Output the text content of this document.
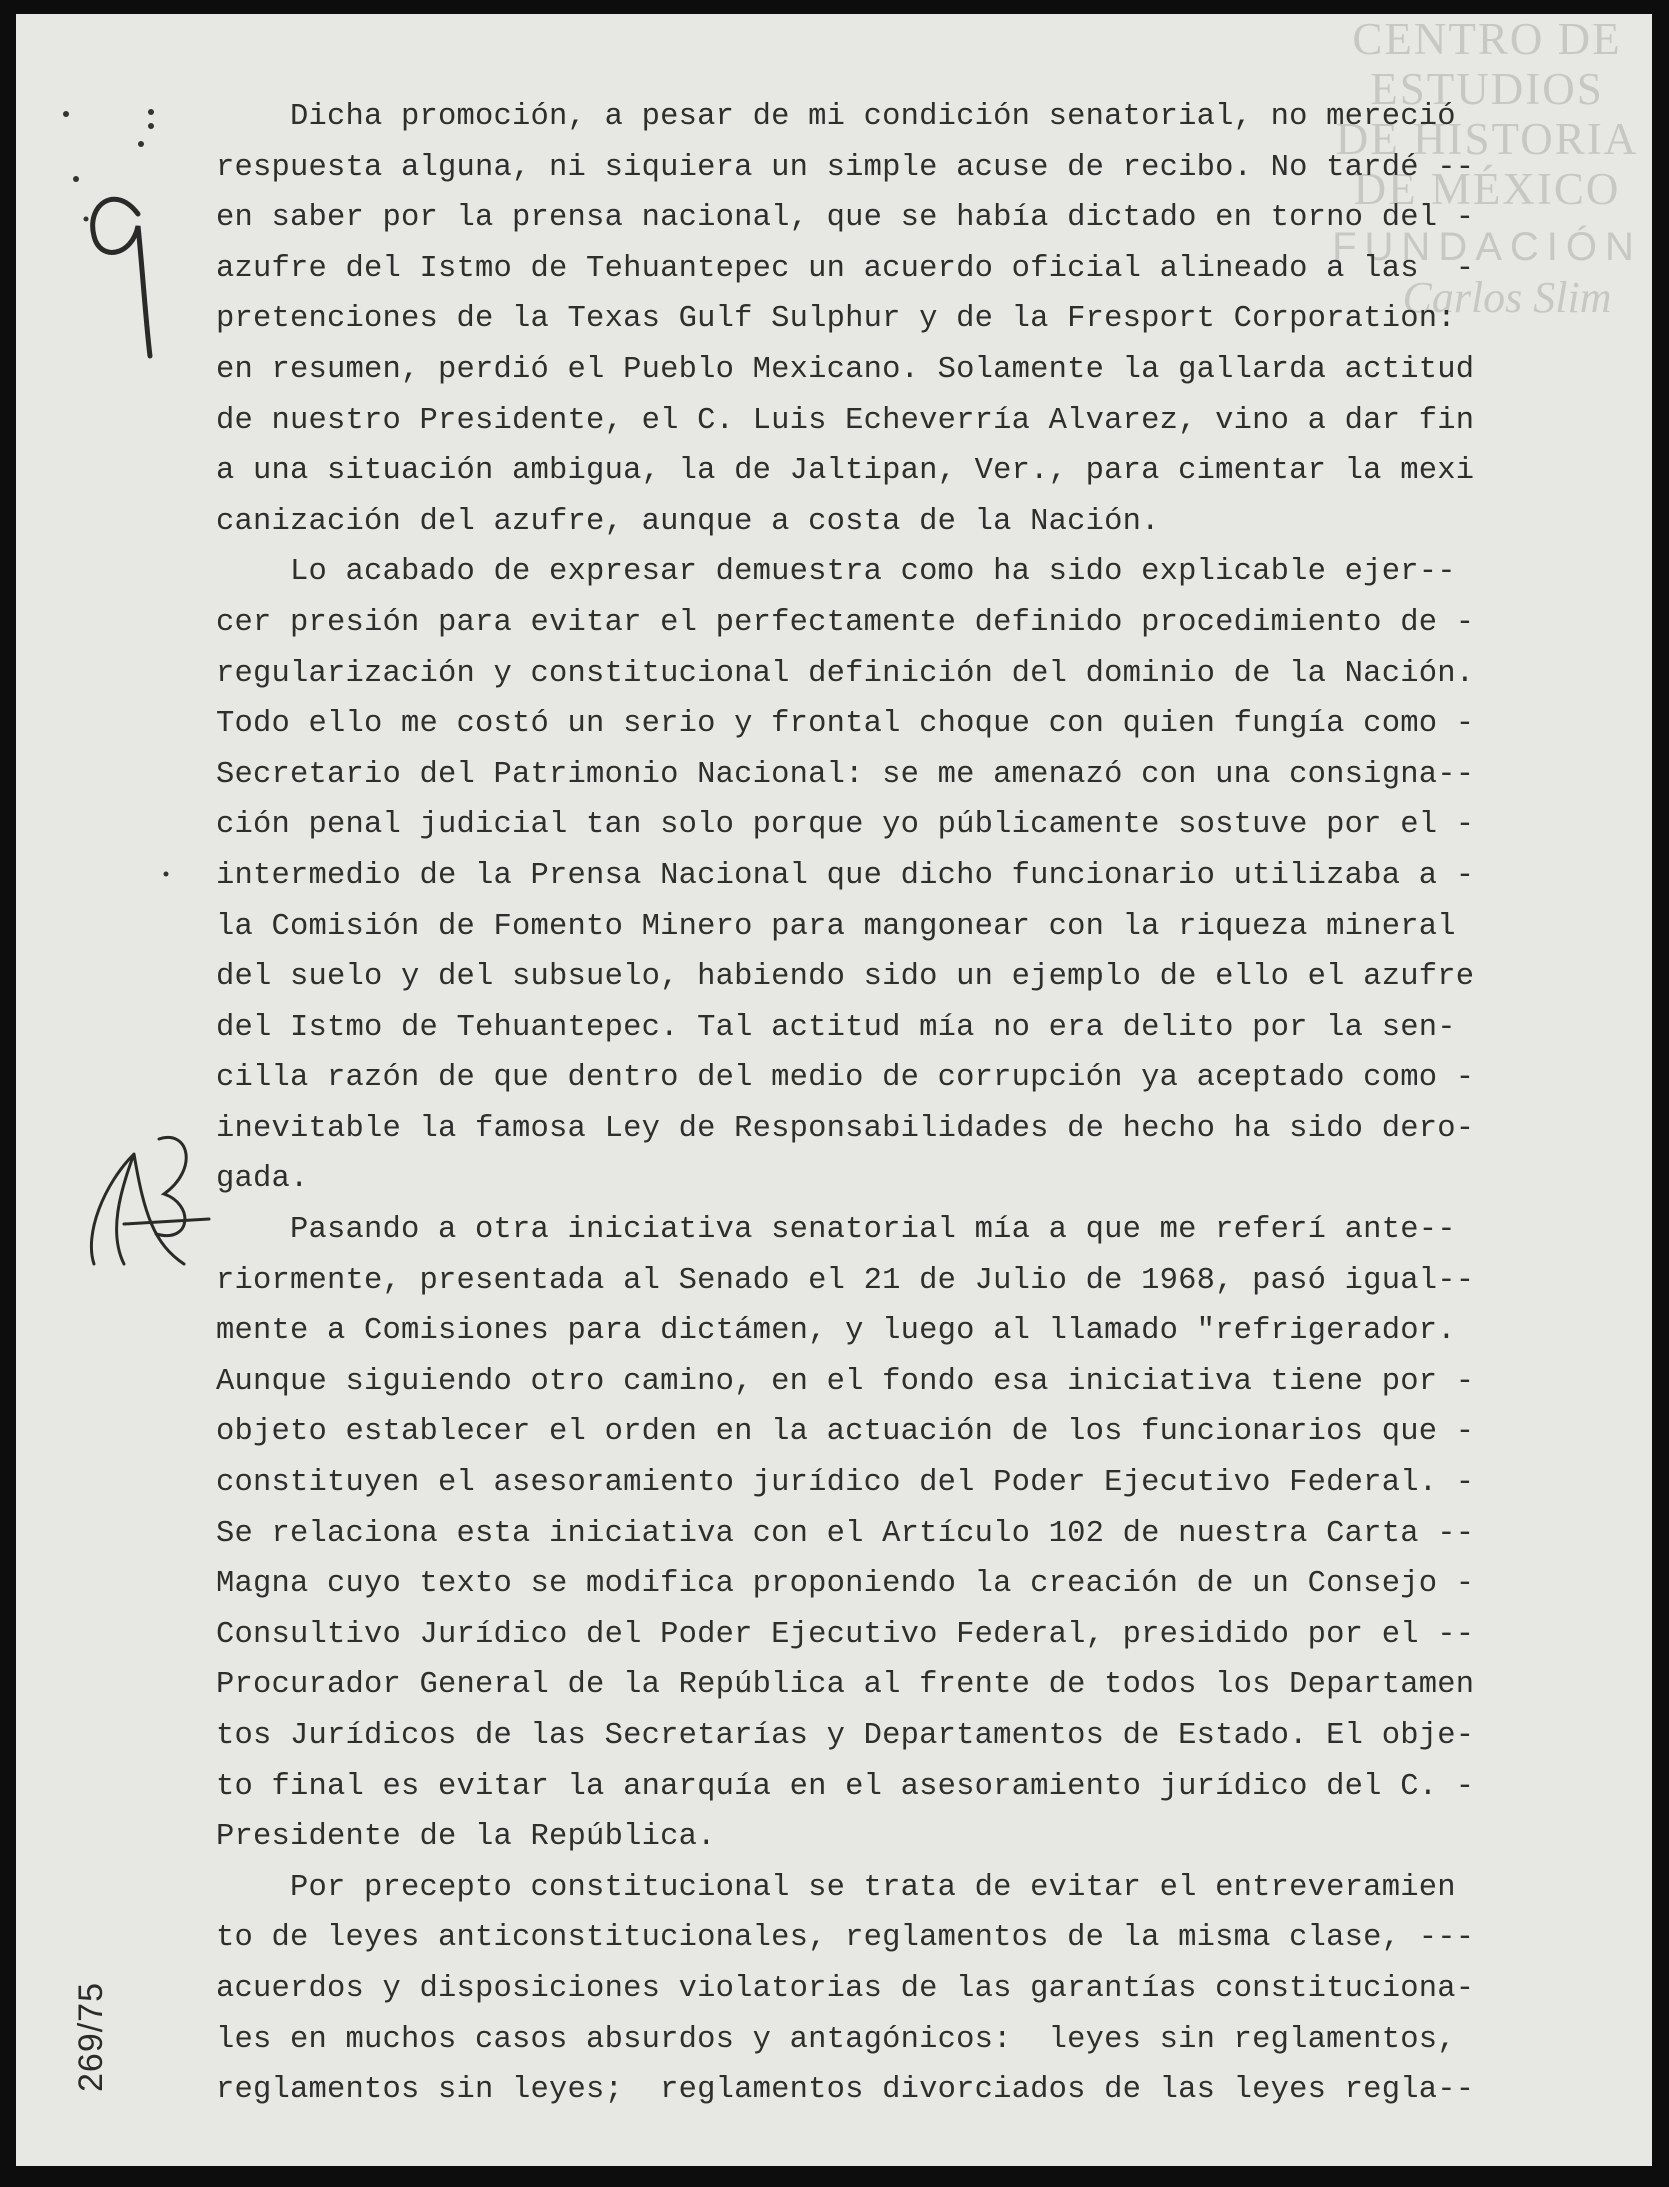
CENTRO DE
ESTUDIOS
DE HISTORIA
DE MÉXICO
FUNDACIÓN
Carlos Slim
Dicha promoción, a pesar de mi condición senatorial, no mereció
respuesta alguna, ni siquiera un simple acuse de recibo. No tardé --
en saber por la prensa nacional, que se había dictado en torno del -
azufre del Istmo de Tehuantepec un acuerdo oficial alineado a las  -
pretenciones de la Texas Gulf Sulphur y de la Fresport Corporation:
en resumen, perdió el Pueblo Mexicano. Solamente la gallarda actitud
de nuestro Presidente, el C. Luis Echeverría Alvarez, vino a dar fin
a una situación ambigua, la de Jaltipan, Ver., para cimentar la mexi
canización del azufre, aunque a costa de la Nación.
Lo acabado de expresar demuestra como ha sido explicable ejer--
cer presión para evitar el perfectamente definido procedimiento de -
regularización y constitucional definición del dominio de la Nación.
Todo ello me costó un serio y frontal choque con quien fungía como -
Secretario del Patrimonio Nacional: se me amenazó con una consigna--
ción penal judicial tan solo porque yo públicamente sostuve por el -
intermedio de la Prensa Nacional que dicho funcionario utilizaba a -
la Comisión de Fomento Minero para mangonear con la riqueza mineral
del suelo y del subsuelo, habiendo sido un ejemplo de ello el azufre
del Istmo de Tehuantepec. Tal actitud mía no era delito por la sen-
cilla razón de que dentro del medio de corrupción ya aceptado como -
inevitable la famosa Ley de Responsabilidades de hecho ha sido dero-
gada.
Pasando a otra iniciativa senatorial mía a que me referí ante--
riormente, presentada al Senado el 21 de Julio de 1968, pasó igual--
mente a Comisiones para dictámen, y luego al llamado "refrigerador.
Aunque siguiendo otro camino, en el fondo esa iniciativa tiene por -
objeto establecer el orden en la actuación de los funcionarios que -
constituyen el asesoramiento jurídico del Poder Ejecutivo Federal. -
Se relaciona esta iniciativa con el Artículo 102 de nuestra Carta --
Magna cuyo texto se modifica proponiendo la creación de un Consejo -
Consultivo Jurídico del Poder Ejecutivo Federal, presidido por el --
Procurador General de la República al frente de todos los Departamen
tos Jurídicos de las Secretarías y Departamentos de Estado. El obje-
to final es evitar la anarquía en el asesoramiento jurídico del C. -
Presidente de la República.
Por precepto constitucional se trata de evitar el entreveramien
to de leyes anticonstitucionales, reglamentos de la misma clase, ---
acuerdos y disposiciones violatorias de las garantías constituciona-
les en muchos casos absurdos y antagónicos:  leyes sin reglamentos,
reglamentos sin leyes;  reglamentos divorciados de las leyes regla--
269/75
